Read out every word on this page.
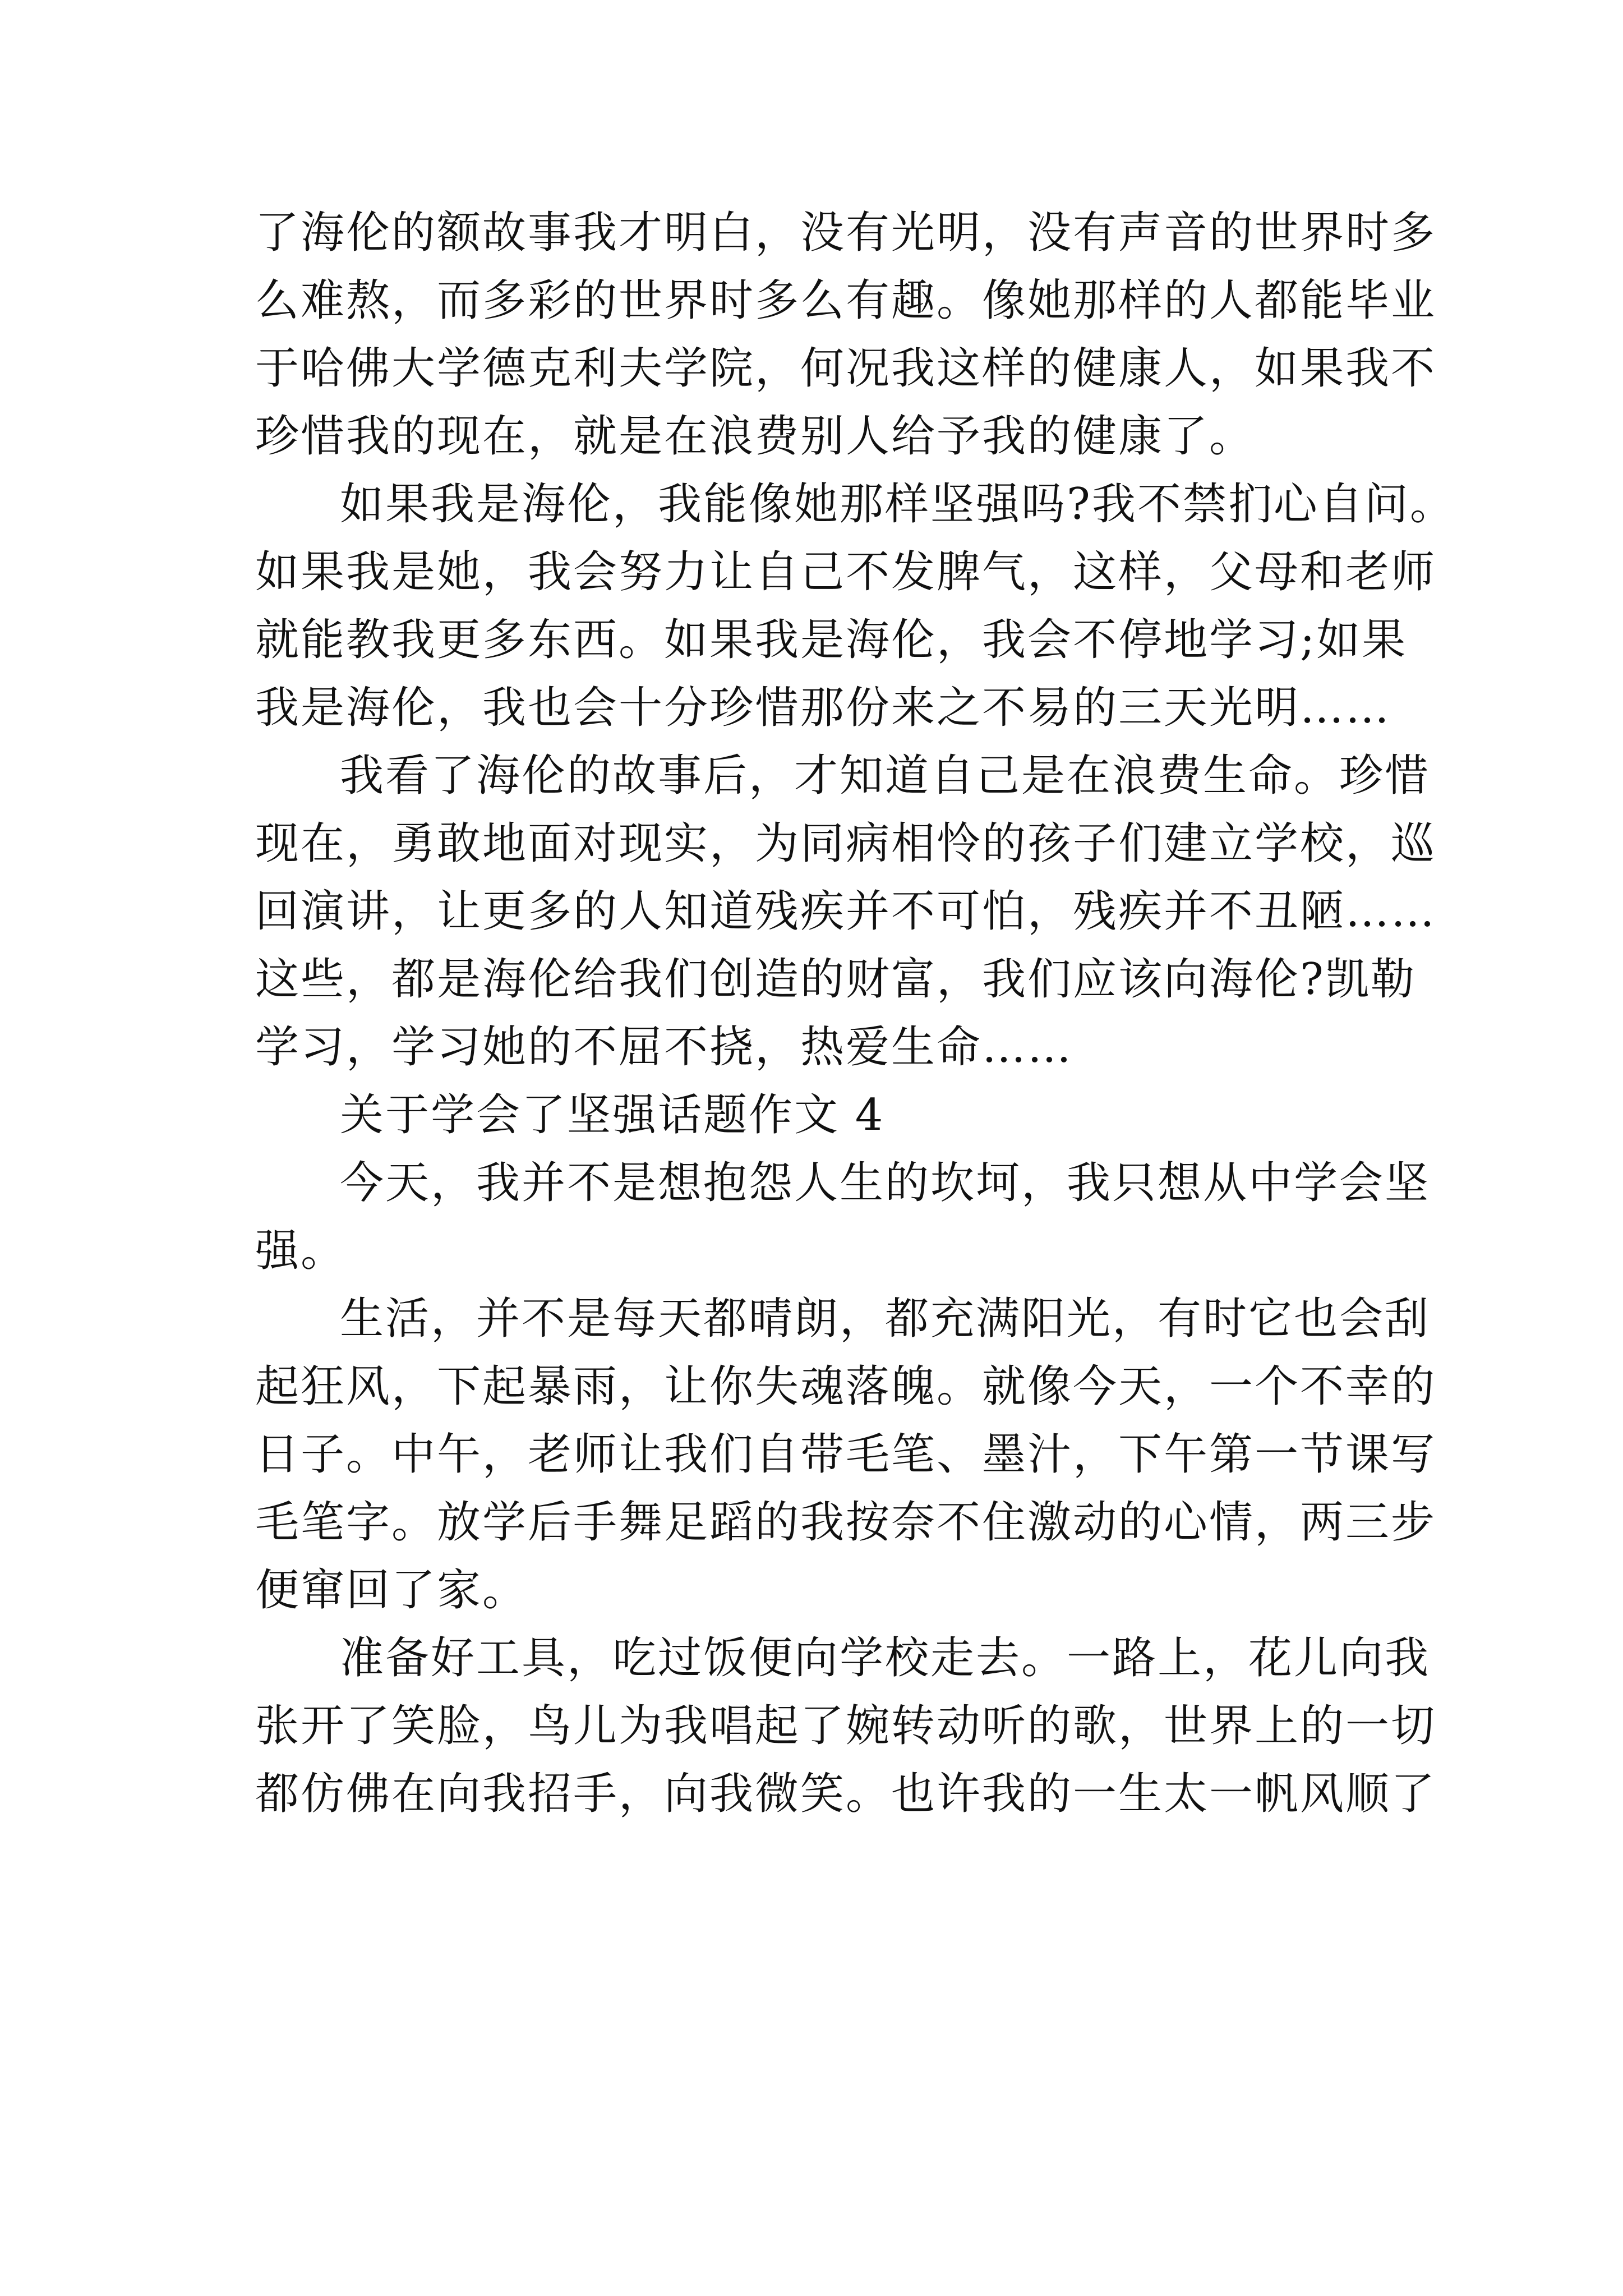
了海伦的额故事我才明白，没有光明，没有声音的世界时多
么难熬，而多彩的世界时多么有趣。像她那样的人都能毕业
于哈佛大学德克利夫学院，何况我这样的健康人，如果我不
珍惜我的现在，就是在浪费别人给予我的健康了。
如果我是海伦，我能像她那样坚强吗?我不禁扪心自问。
如果我是她，我会努力让自己不发脾气，这样，父母和老师
就能教我更多东西。如果我是海伦，我会不停地学习;如果
我是海伦，我也会十分珍惜那份来之不易的三天光明……
我看了海伦的故事后，才知道自己是在浪费生命。珍惜
现在，勇敢地面对现实，为同病相怜的孩子们建立学校，巡
回演讲，让更多的人知道残疾并不可怕，残疾并不丑陋……
这些，都是海伦给我们创造的财富，我们应该向海伦?凯勒
学习，学习她的不屈不挠，热爱生命……
关于学会了坚强话题作文 4
今天，我并不是想抱怨人生的坎坷，我只想从中学会坚
强。
生活，并不是每天都晴朗，都充满阳光，有时它也会刮
起狂风，下起暴雨，让你失魂落魄。就像今天，一个不幸的
日子。中午，老师让我们自带毛笔、墨汁，下午第一节课写
毛笔字。放学后手舞足蹈的我按奈不住激动的心情，两三步
便窜回了家。
准备好工具，吃过饭便向学校走去。一路上，花儿向我
张开了笑脸，鸟儿为我唱起了婉转动听的歌，世界上的一切
都仿佛在向我招手，向我微笑。也许我的一生太一帆风顺了
